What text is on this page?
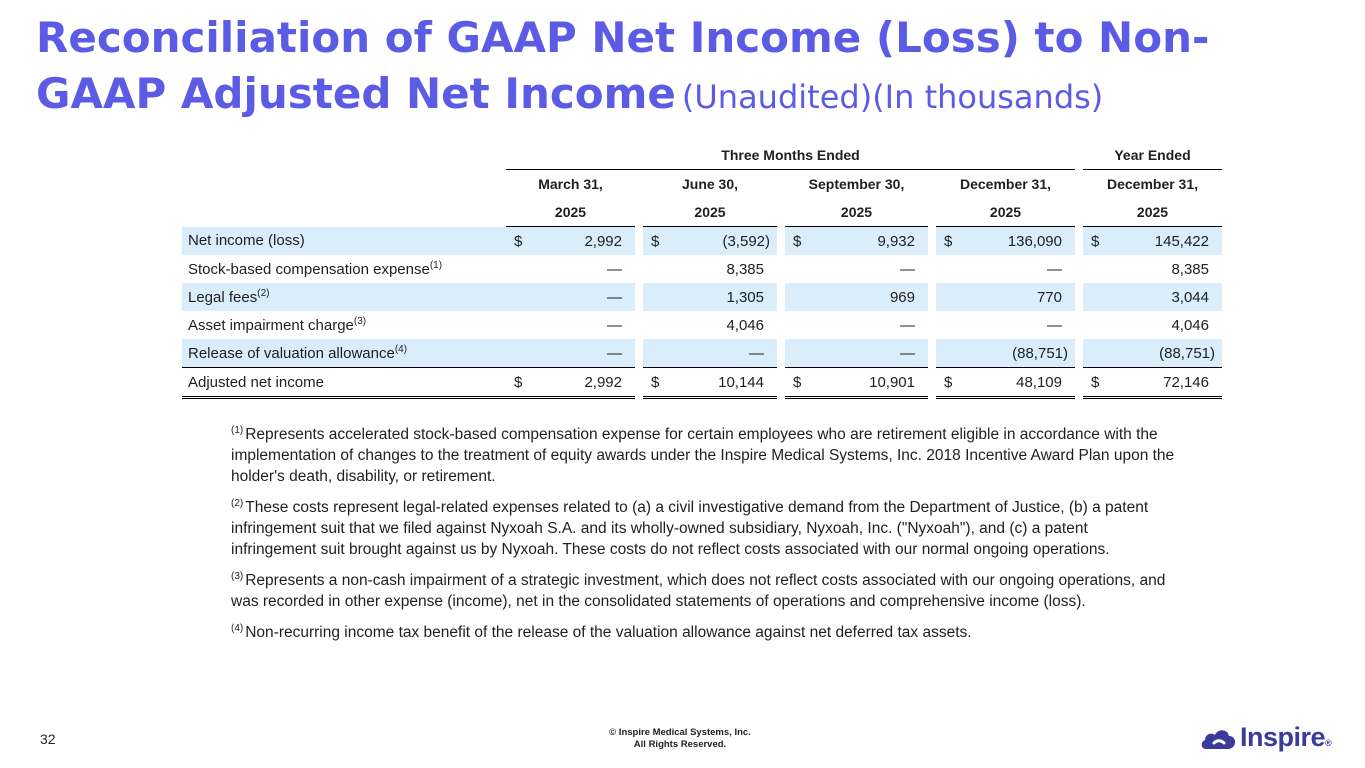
Reconciliation of GAAP Net Income (Loss) to Non-GAAP Adjusted Net Income (Unaudited)(In thousands)
	Three Months Ended																Year Ended		
	March 31,				June 30,				September 30,				December 31,				December 31,		
	2025				2025				2025				2025				2025		
Net income (loss)	$	2,992			$	(3,592)			$	9,932			$	136,090			$	145,422	
Stock-based compensation expense$^{(1)}$		—				8,385				—				—				8,385	
Legal fees$^{(2)}$		—				1,305				969				770				3,044	
Asset impairment charge$^{(3)}$		—				4,046				—				—				4,046	
Release of valuation allowance$^{(4)}$		—				—				—				(88,751)				(88,751)	
Adjusted net income	$	2,992			$	10,144			$	10,901			$	48,109			$	72,146	

$^{(1)}$ Represents accelerated stock-based compensation expense for certain employees who are retirement eligible in accordance with the implementation of changes to the treatment of equity awards under the Inspire Medical Systems, Inc. 2018 Incentive Award Plan upon the holder's death, disability, or retirement.

$^{(2)}$ These costs represent legal-related expenses related to (a) a civil investigative demand from the Department of Justice, (b) a patent infringement suit that we filed against Nyxoah S.A. and its wholly-owned subsidiary, Nyxoah, Inc. ("Nyxoah"), and (c) a patent infringement suit brought against us by Nyxoah. These costs do not reflect costs associated with our normal ongoing operations.

$^{(3)}$ Represents a non-cash impairment of a strategic investment, which does not reflect costs associated with our ongoing operations, and was recorded in other expense (income), net in the consolidated statements of operations and comprehensive income (loss).

$^{(4)}$ Non-recurring income tax benefit of the release of the valuation allowance against net deferred tax assets.

32	© Inspire Medical Systems, Inc.
All Rights Reserved.	Inspire®
